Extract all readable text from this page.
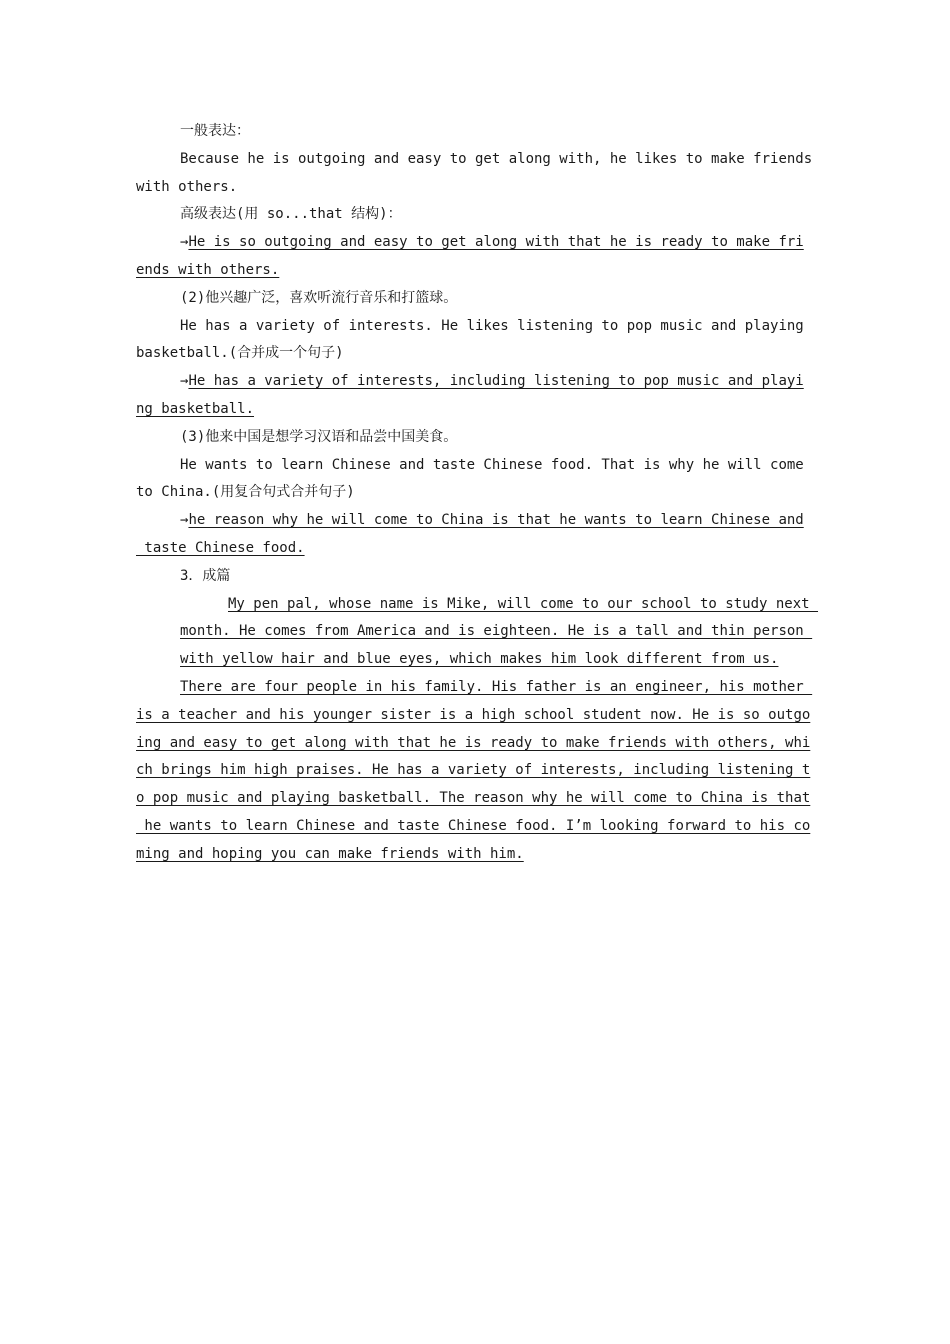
一般表达：
Because he is outgoing and easy to get along with, he likes to make friends
with others.
高级表达(用 so...that 结构)：
→He is so outgoing and easy to get along with that he is ready to make fri
ends with others.
(2)他兴趣广泛，喜欢听流行音乐和打篮球。
He has a variety of interests. He likes listening to pop music and playing
basketball.(合并成一个句子)
→He has a variety of interests, including listening to pop music and playi
ng basketball.
(3)他来中国是想学习汉语和品尝中国美食。
He wants to learn Chinese and taste Chinese food. That is why he will come
to China.(用复合句式合并句子)
→he reason why he will come to China is that he wants to learn Chinese and
taste Chinese food.
3．成篇
My pen pal, whose name is Mike, will come to our school to study next
month. He comes from America and is eighteen. He is a tall and thin person
with yellow hair and blue eyes, which makes him look different from us.
There are four people in his family. His father is an engineer, his mother
is a teacher and his younger sister is a high school student now. He is so outgo
ing and easy to get along with that he is ready to make friends with others, whi
ch brings him high praises. He has a variety of interests, including listening t
o pop music and playing basketball. The reason why he will come to China is that
he wants to learn Chinese and taste Chinese food. I’m looking forward to his co
ming and hoping you can make friends with him.
